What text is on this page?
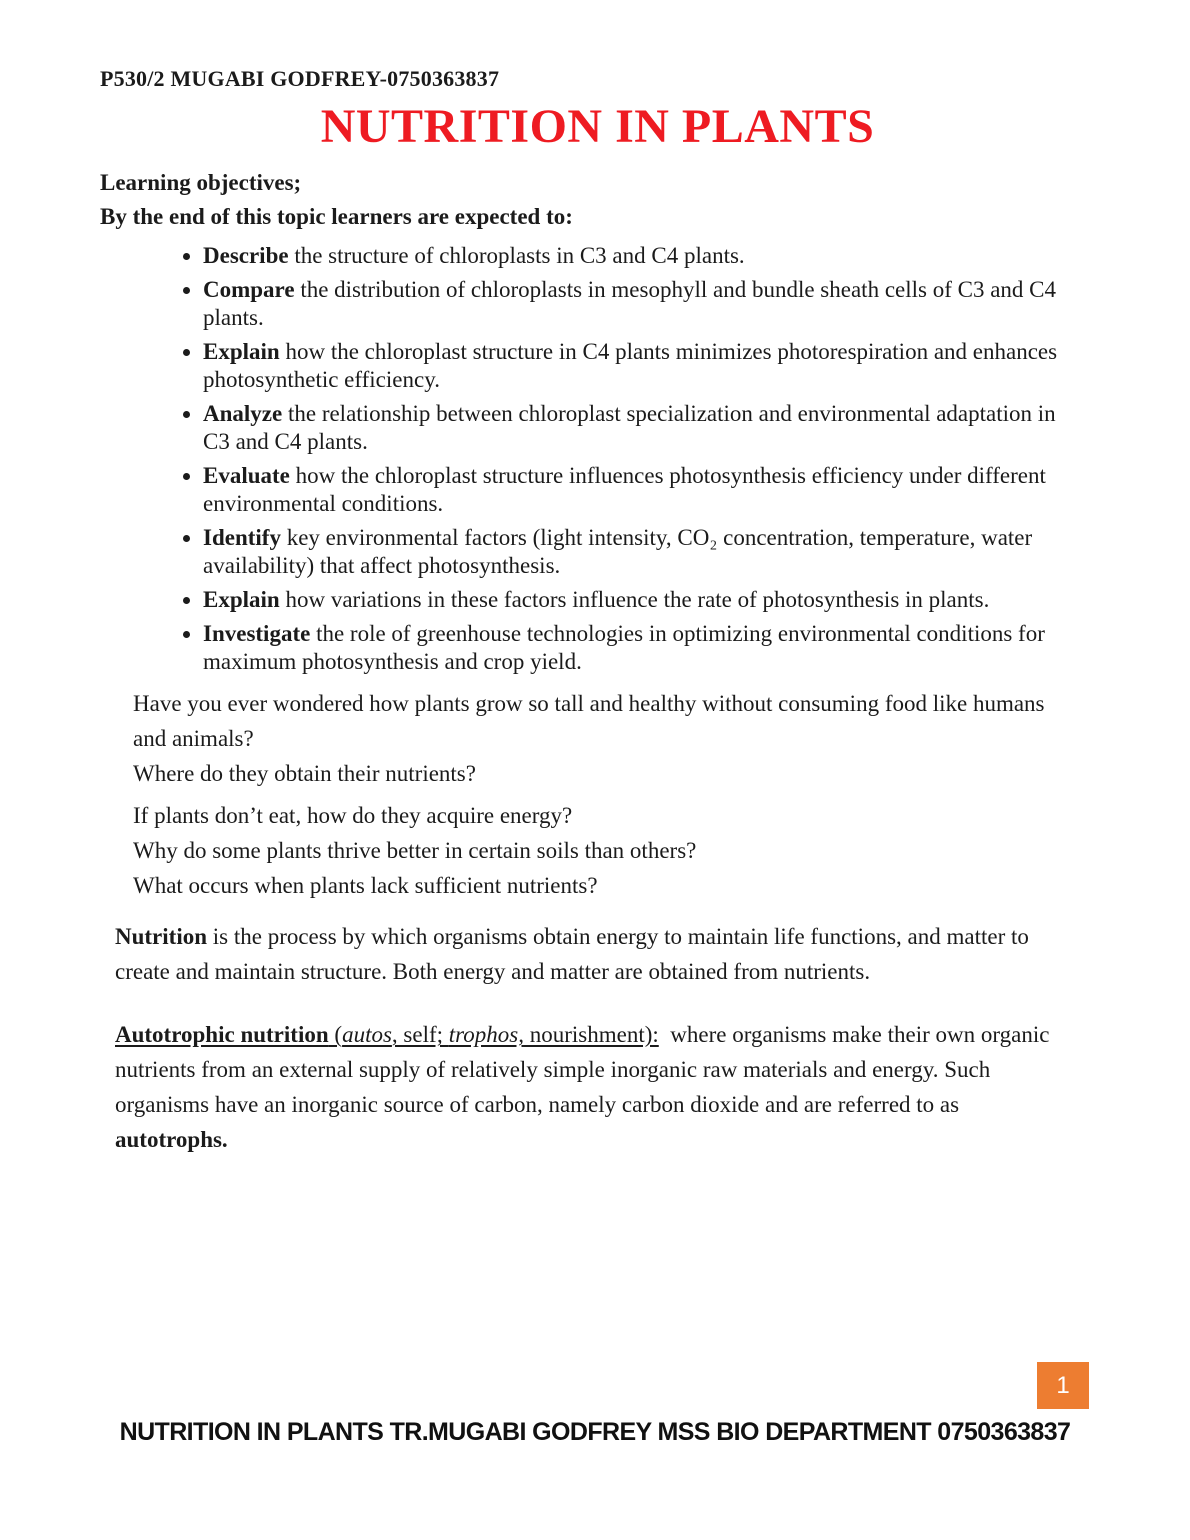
P530/2 MUGABI GODFREY-0750363837
NUTRITION IN PLANTS
Learning objectives;
By the end of this topic learners are expected to:
• Describe the structure of chloroplasts in C3 and C4 plants.
• Compare the distribution of chloroplasts in mesophyll and bundle sheath cells of C3 and C4 plants.
• Explain how the chloroplast structure in C4 plants minimizes photorespiration and enhances photosynthetic efficiency.
• Analyze the relationship between chloroplast specialization and environmental adaptation in C3 and C4 plants.
• Evaluate how the chloroplast structure influences photosynthesis efficiency under different environmental conditions.
• Identify key environmental factors (light intensity, CO₂ concentration, temperature, water availability) that affect photosynthesis.
• Explain how variations in these factors influence the rate of photosynthesis in plants.
• Investigate the role of greenhouse technologies in optimizing environmental conditions for maximum photosynthesis and crop yield.

Have you ever wondered how plants grow so tall and healthy without consuming food like humans and animals?

Where do they obtain their nutrients?

If plants don’t eat, how do they acquire energy?

Why do some plants thrive better in certain soils than others?

What occurs when plants lack sufficient nutrients?

Nutrition is the process by which organisms obtain energy to maintain life functions, and matter to create and maintain structure. Both energy and matter are obtained from nutrients.
Autotrophic nutrition (autos, self; trophos, nourishment):  where organisms make their own organic nutrients from an external supply of relatively simple inorganic raw materials and energy. Such organisms have an inorganic source of carbon, namely carbon dioxide and are referred to as autotrophs.
1
NUTRITION IN PLANTS TR.MUGABI GODFREY MSS BIO DEPARTMENT 0750363837
